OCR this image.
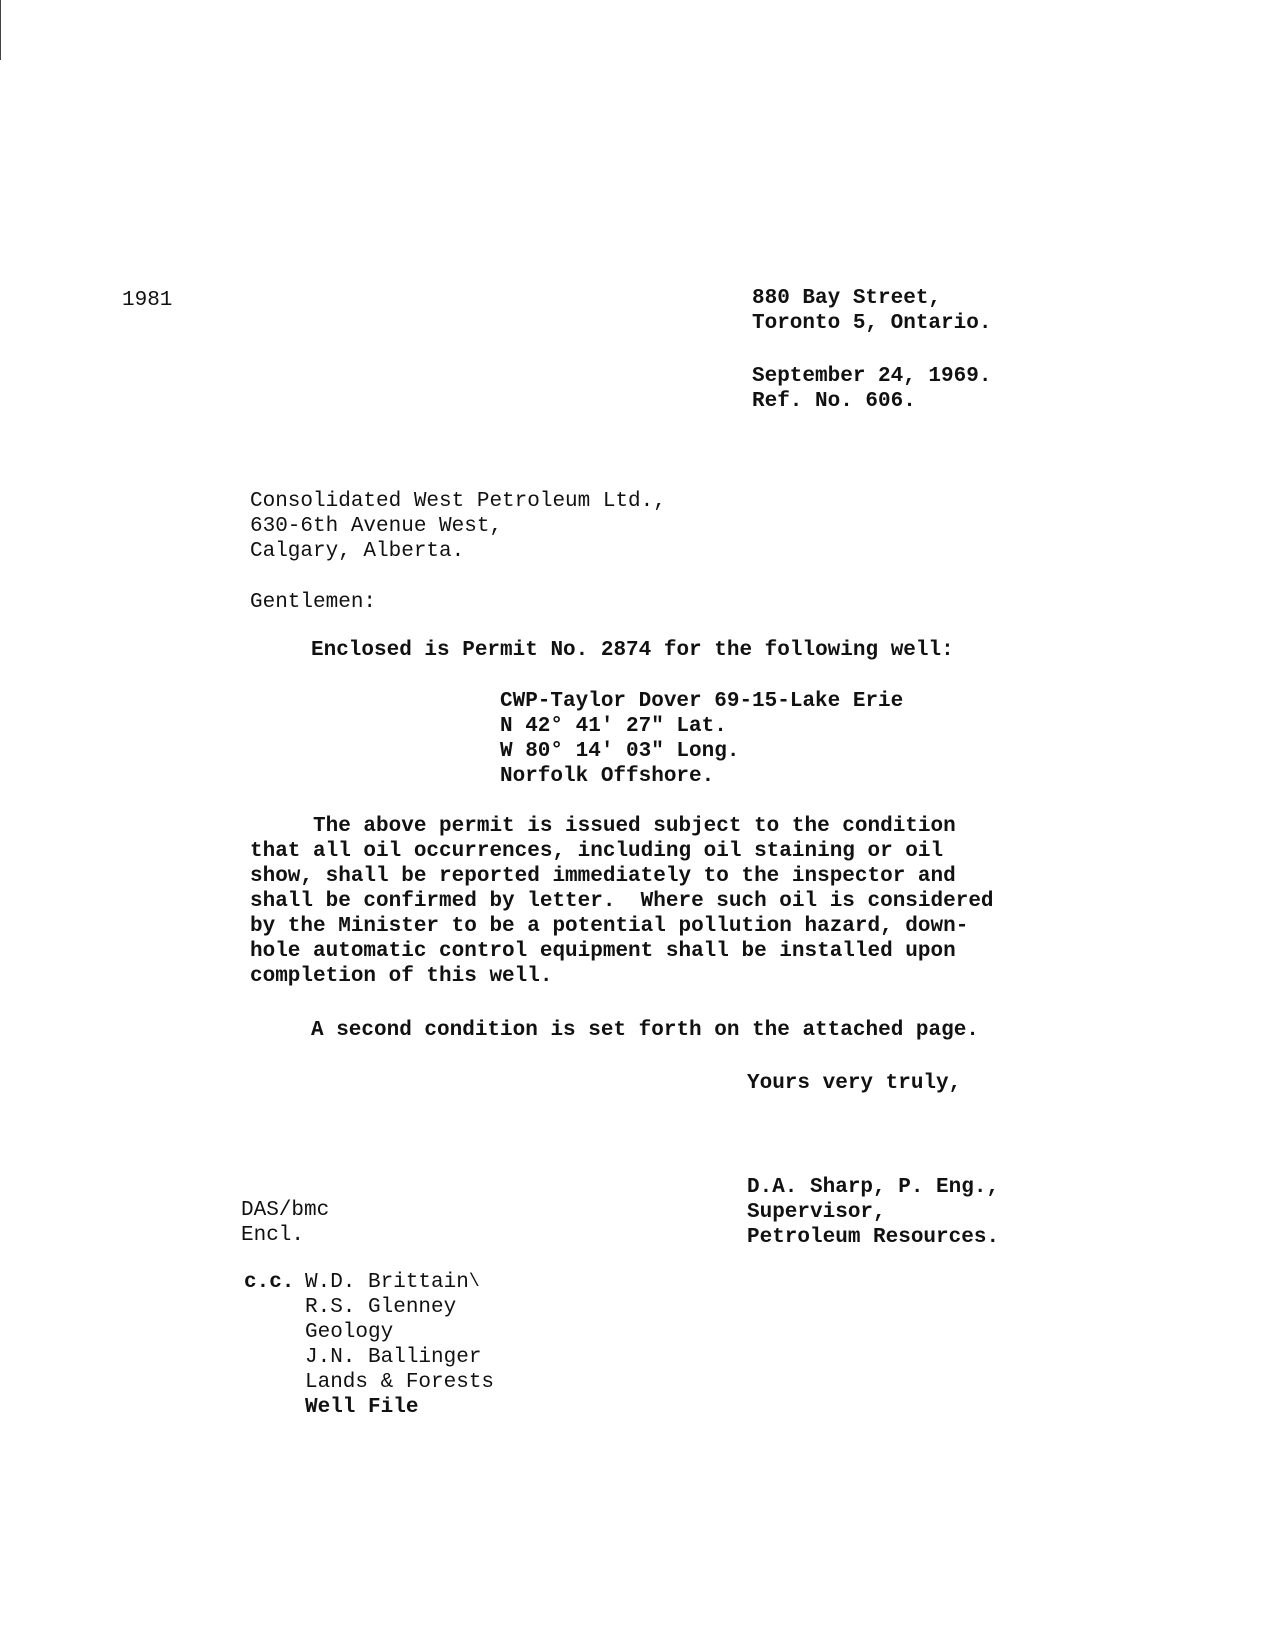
1981	880 Bay Street,
Toronto 5, Ontario.
September 24, 1969.
Ref. No. 606.
Consolidated West Petroleum Ltd.,
630-6th Avenue West,
Calgary, Alberta.
Gentlemen:
Enclosed is Permit No. 2874 for the following well:
CWP-Taylor Dover 69-15-Lake Erie
N 42° 41' 27" Lat.
W 80° 14' 03" Long.
Norfolk Offshore.
The above permit is issued subject to the condition
that all oil occurrences, including oil staining or oil
show, shall be reported immediately to the inspector and
shall be confirmed by letter.  Where such oil is considered
by the Minister to be a potential pollution hazard, down-
hole automatic control equipment shall be installed upon
completion of this well.
A second condition is set forth on the attached page.
Yours very truly,
D.A. Sharp, P. Eng.,
Supervisor,
Petroleum Resources.
DAS/bmc
Encl.
c.c. W.D. Brittain\
R.S. Glenney
Geology
J.N. Ballinger
Lands & Forests
Well File
